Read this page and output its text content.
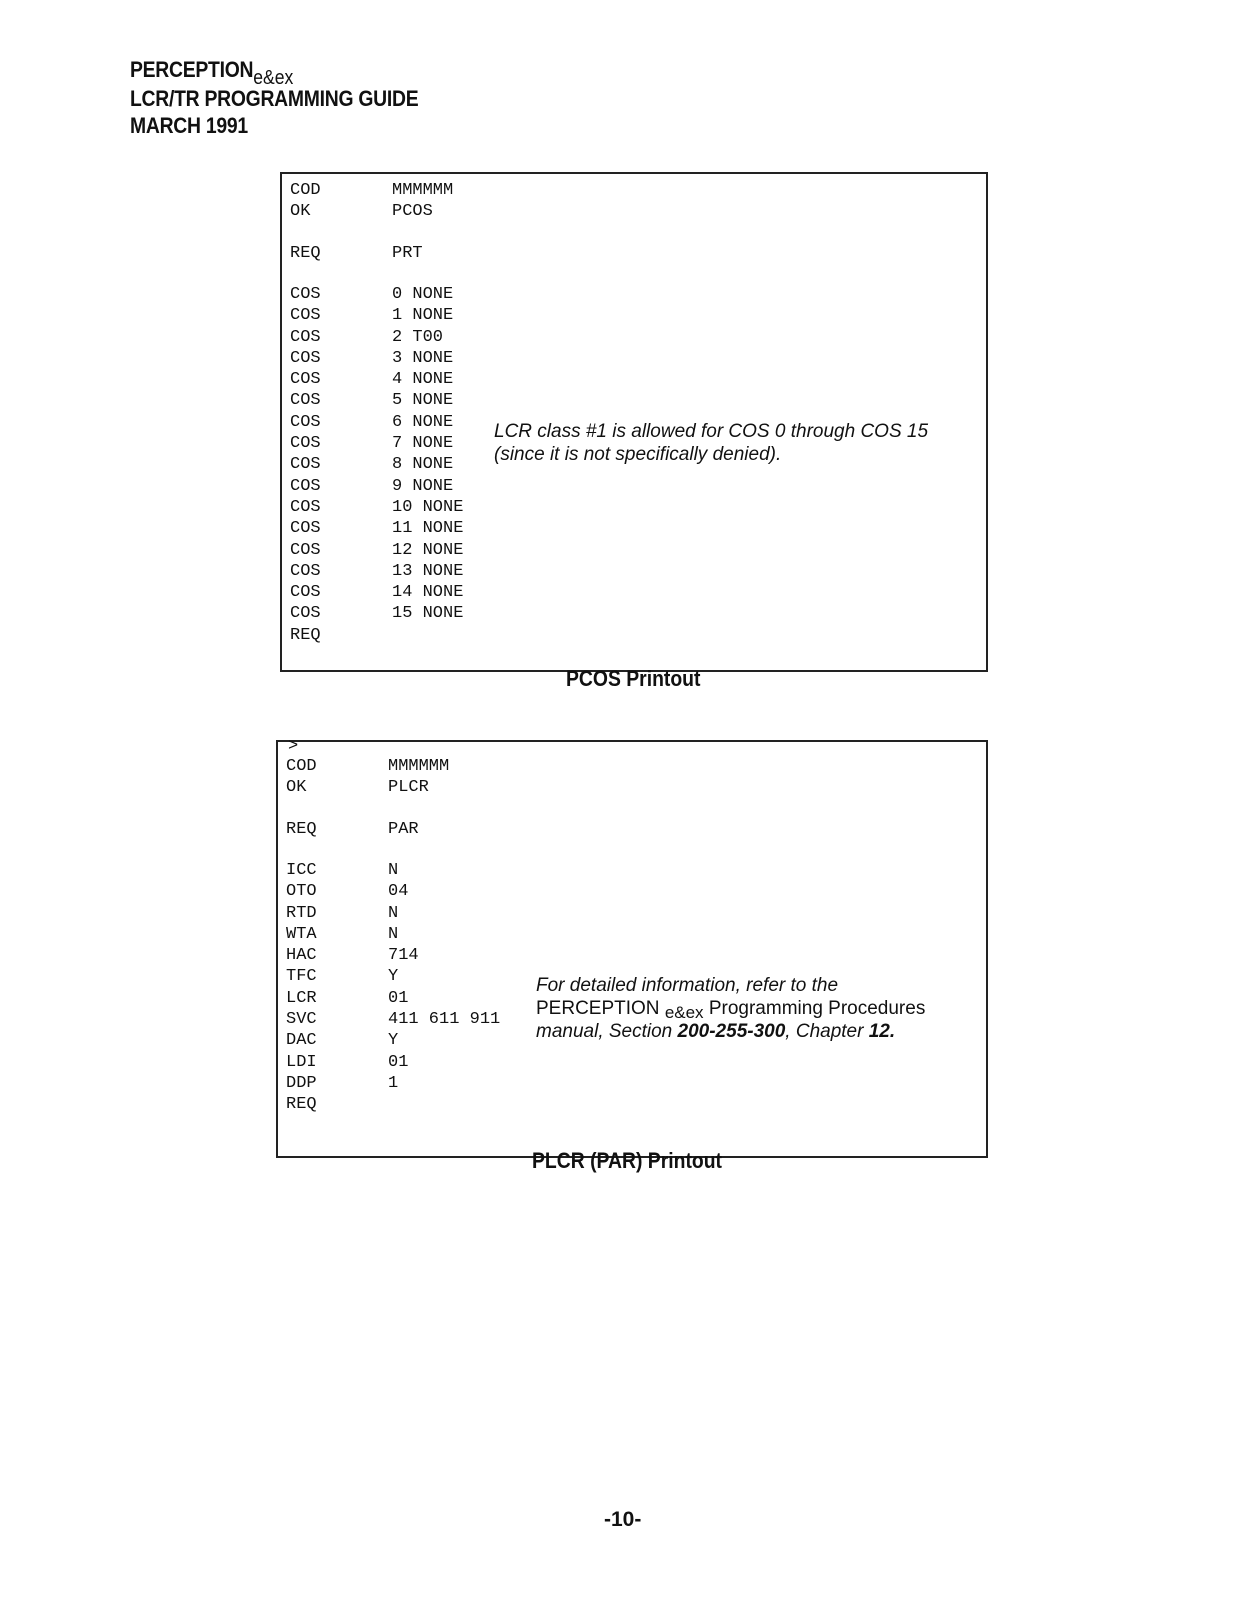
PERCEPTIONe&ex
LCR/TR PROGRAMMING GUIDE
MARCH 1991
COD	MMMMMM
OK	PCOS
REQ	PRT
COS	0 NONE
COS	1 NONE
COS	2 T00
COS	3 NONE
COS	4 NONE
COS	5 NONE
COS	6 NONE
COS	7 NONE
COS	8 NONE
COS	9 NONE
COS	10 NONE
COS	11 NONE
COS	12 NONE
COS	13 NONE
COS	14 NONE
COS	15 NONE
REQ
LCR class #1 is allowed for COS 0 through COS 15
(since it is not specifically denied).
PCOS Printout
>
COD	MMMMMM
OK	PLCR
REQ	PAR
ICC	N
OTO	04
RTD	N
WTA	N
HAC	714
TFC	Y
LCR	01
SVC	411 611 911
DAC	Y
LDI	01
DDP	1
REQ
For detailed information, refer to the
PERCEPTION e&ex Programming Procedures
manual, Section 200-255-300, Chapter 12.
PLCR (PAR) Printout
-10-
